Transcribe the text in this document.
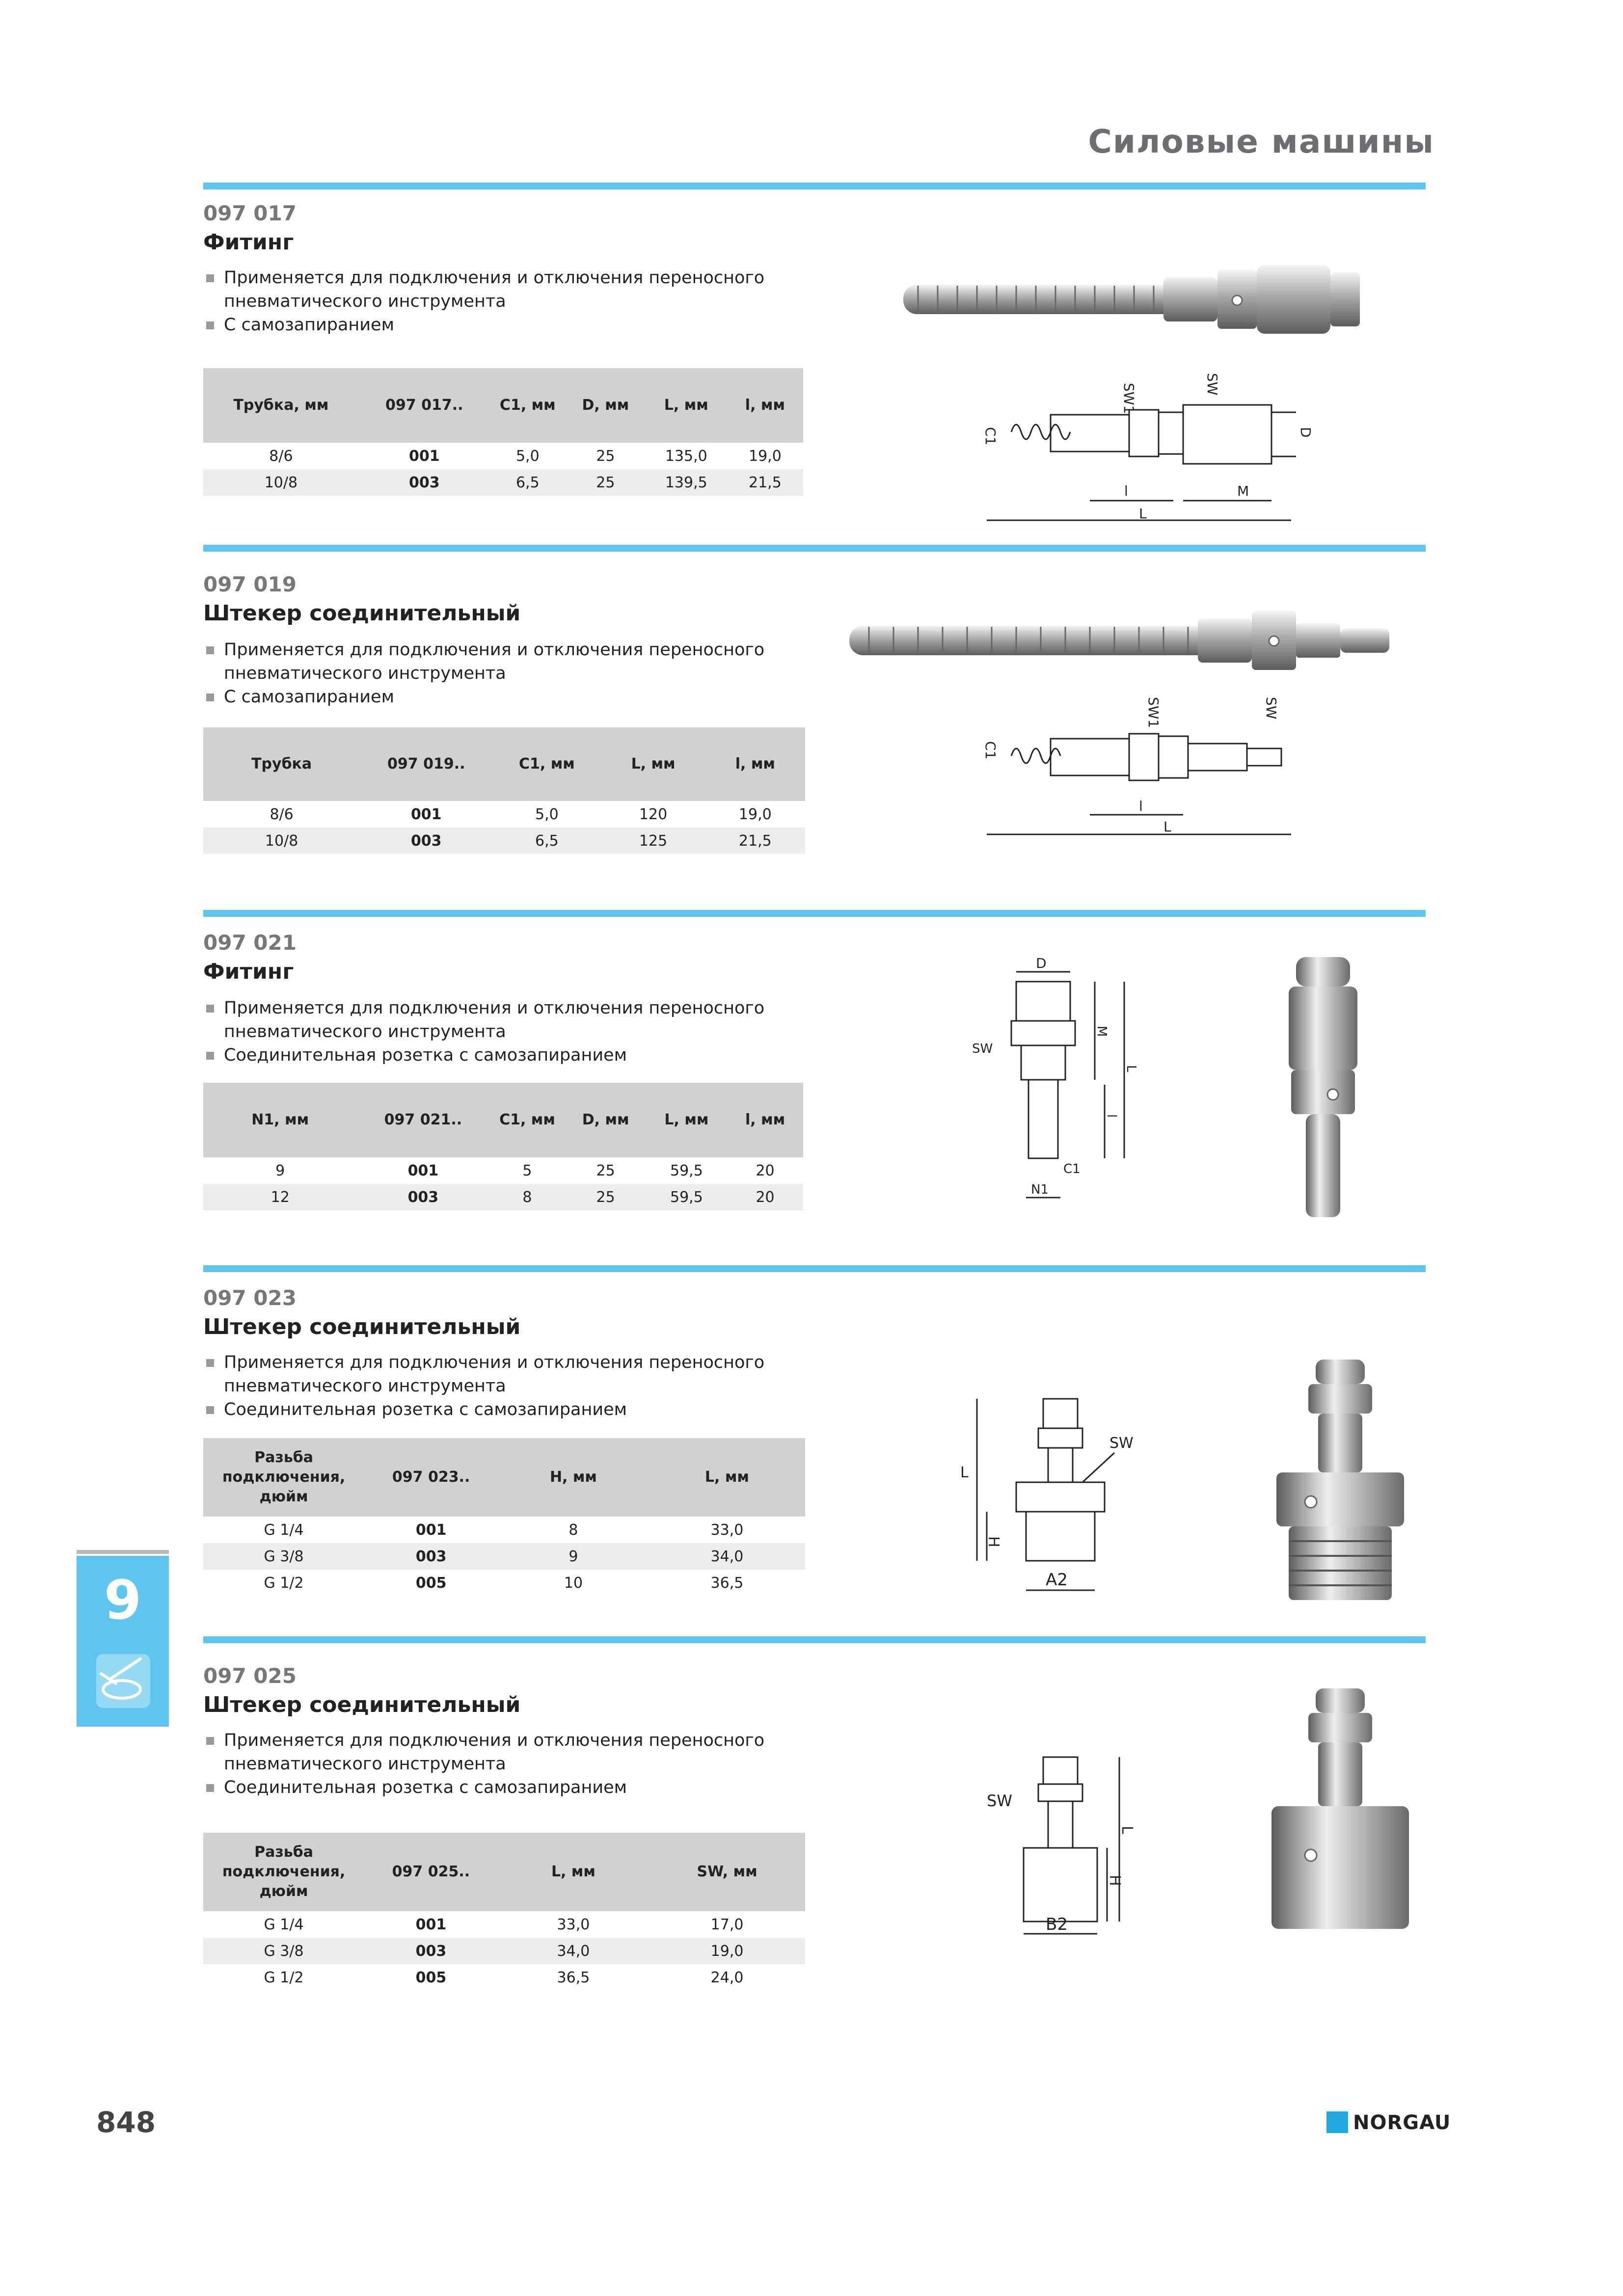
Силовые машины
097 017
Фитинг
Применяется для подключения и отключения переносного пневматического инструмента
С самозапиранием
Трубка, мм	097 017..	C1, мм	D, мм	L, мм	l, мм
8/6	001	5,0	25	135,0	19,0
10/8	003	6,5	25	139,5	21,5
SW1	SW
C1	D
l	M
L
097 019
Штекер соединительный
Применяется для подключения и отключения переносного пневматического инструмента
С самозапиранием
Трубка	097 019..	C1, мм	L, мм	l, мм
8/6	001	5,0	120	19,0
10/8	003	6,5	125	21,5
SW1	SW
C1
l
L
097 021
Фитинг
Применяется для подключения и отключения переносного пневматического инструмента
Соединительная розетка с самозапиранием
N1, мм	097 021..	C1, мм	D, мм	L, мм	l, мм
9	001	5	25	59,5	20
12	003	8	25	59,5	20
D
SW
M
L
l
C1
N1
097 023
Штекер соединительный
Применяется для подключения и отключения переносного пневматического инструмента
Соединительная розетка с самозапиранием
Разьба подключения, дюйм	097 023..	H, мм	L, мм
G 1/4	001	8	33,0
G 3/8	003	9	34,0
G 1/2	005	10	36,5
L
SW
H
A2
097 025
Штекер соединительный
Применяется для подключения и отключения переносного пневматического инструмента
Соединительная розетка с самозапиранием
Разьба подключения, дюйм	097 025..	L, мм	SW, мм
G 1/4	001	33,0	17,0
G 3/8	003	34,0	19,0
G 1/2	005	36,5	24,0
SW
L
H
B2
9
848	NORGAU
